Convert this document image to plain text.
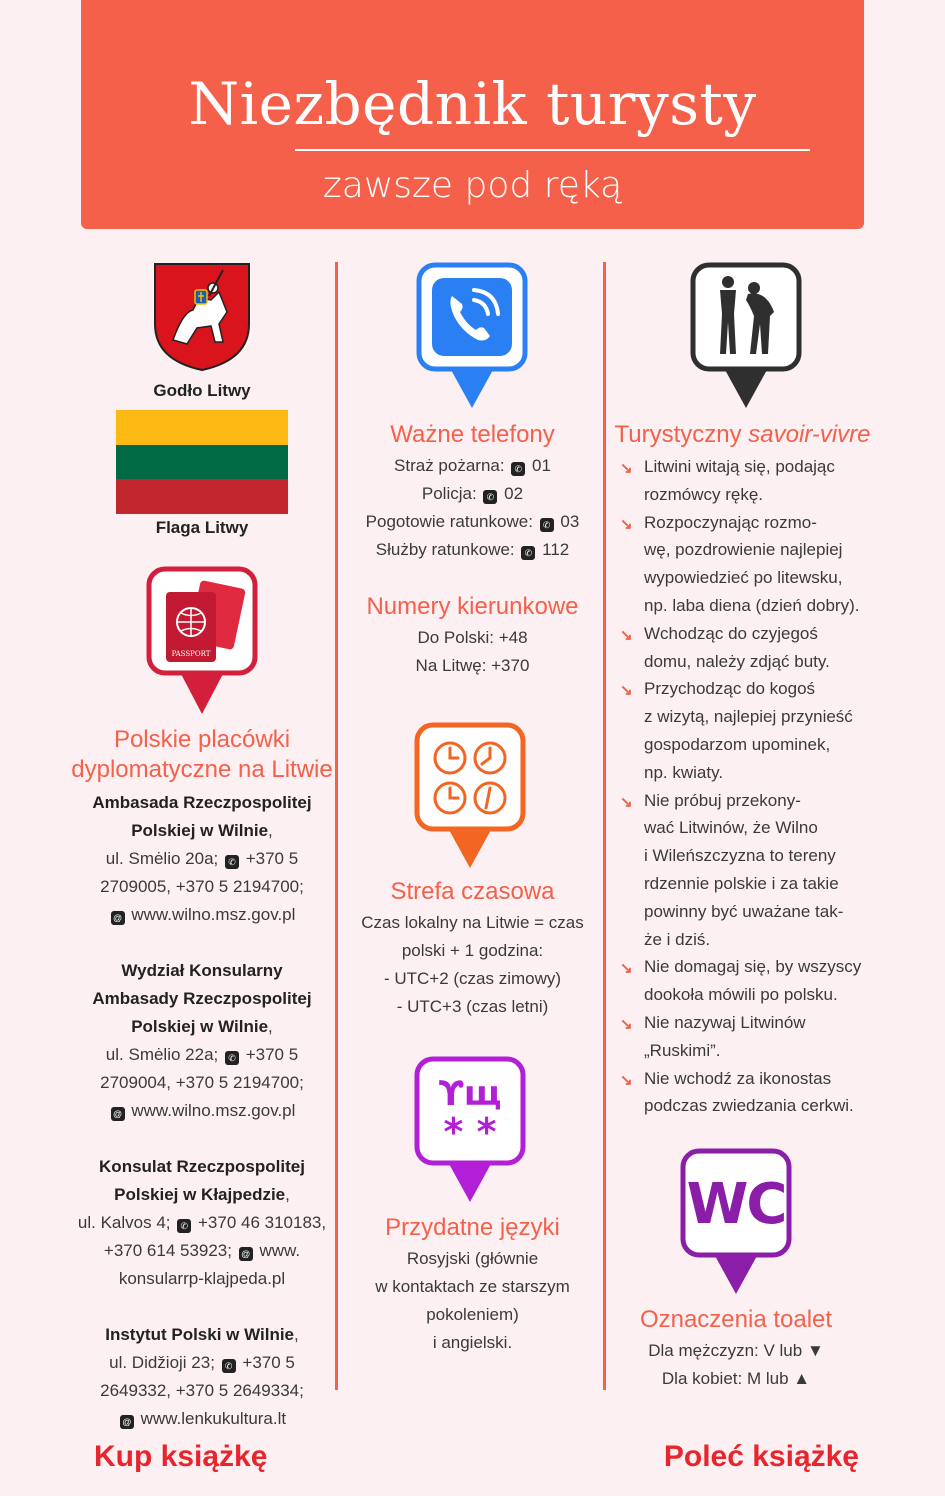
Niezbędnik turysty
zawsze pod ręką
Godło Litwy
Flaga Litwy
PASSPORT
Polskie placówki
dyplomatyczne na Litwie
Ambasada Rzeczpospolitej
Polskiej w Wilnie,
ul. Smėlio 20a; ✆ +370 5
2709005, +370 5 2194700;
@ www.wilno.msz.gov.pl
Wydział Konsularny
Ambasady Rzeczpospolitej
Polskiej w Wilnie,
ul. Smėlio 22a; ✆ +370 5
2709004, +370 5 2194700;
@ www.wilno.msz.gov.pl
Konsulat Rzeczpospolitej
Polskiej w Kłajpedzie,
ul. Kalvos 4; ✆ +370 46 310183,
+370 614 53923; @ www.
konsularrp-klajpeda.pl
Instytut Polski w Wilnie,
ul. Didžioji 23; ✆ +370 5
2649332, +370 5 2649334;
@ www.lenkukultura.lt
Ważne telefony
Straż pożarna: ✆ 01
Policja: ✆ 02
Pogotowie ratunkowe: ✆ 03
Służby ratunkowe: ✆ 112
Numery kierunkowe
Do Polski: +48
Na Litwę: +370
Strefa czasowa
Czas lokalny na Litwie = czas
polski + 1 godzina:
- UTC+2 (czas zimowy)
- UTC+3 (czas letni)
ϒщ
* *
Przydatne języki
Rosyjski (głównie
w kontaktach ze starszym
pokoleniem)
i angielski.
Turystyczny savoir-vivre
↘ Litwini witają się, podając
rozmówcy rękę.
↘ Rozpoczynając rozmo-
wę, pozdrowienie najlepiej
wypowiedzieć po litewsku,
np. laba diena (dzień dobry).
↘ Wchodząc do czyjegoś
domu, należy zdjąć buty.
↘ Przychodząc do kogoś
z wizytą, najlepiej przynieść
gospodarzom upominek,
np. kwiaty.
↘ Nie próbuj przekony-
wać Litwinów, że Wilno
i Wileńszczyzna to tereny
rdzennie polskie i za takie
powinny być uważane tak-
że i dziś.
↘ Nie domagaj się, by wszyscy
dookoła mówili po polsku.
↘ Nie nazywaj Litwinów
„Ruskimi”.
↘ Nie wchodź za ikonostas
podczas zwiedzania cerkwi.
WC
Oznaczenia toalet
Dla mężczyzn: V lub ▼
Dla kobiet: M lub ▲
Kup książkę	Poleć książkę
